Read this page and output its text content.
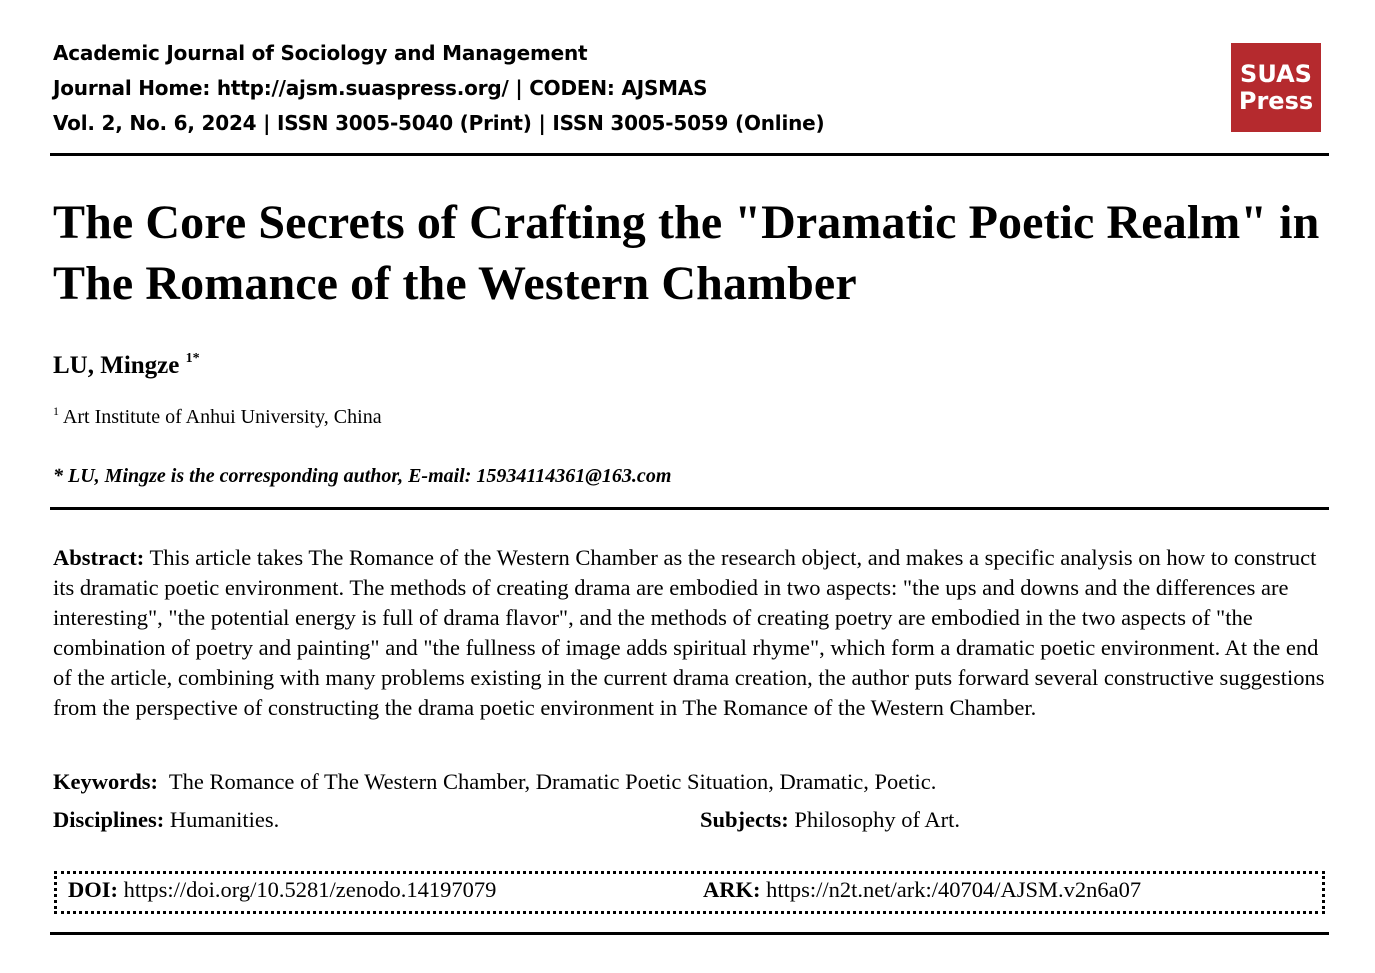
Academic Journal of Sociology and Management
Journal Home: http://ajsm.suaspress.org/ | CODEN: AJSMAS
Vol. 2, No. 6, 2024 | ISSN 3005-5040 (Print) | ISSN 3005-5059 (Online)
SUAS
Press
The Core Secrets of Crafting the "Dramatic Poetic Realm" in The Romance of the Western Chamber
LU, Mingze $^{1*}$
$^1$ Art Institute of Anhui University, China
* LU, Mingze is the corresponding author, E-mail: 15934114361@163.com

Abstract: This article takes The Romance of the Western Chamber as the research object, and makes a specific analysis on how to construct its dramatic poetic environment. The methods of creating drama are embodied in two aspects: "the ups and downs and the differences are interesting", "the potential energy is full of drama flavor", and the methods of creating poetry are embodied in the two aspects of "the combination of poetry and painting" and "the fullness of image adds spiritual rhyme", which form a dramatic poetic environment. At the end of the article, combining with many problems existing in the current drama creation, the author puts forward several constructive suggestions from the perspective of constructing the drama poetic environment in The Romance of the Western Chamber.

Keywords: The Romance of The Western Chamber, Dramatic Poetic Situation, Dramatic, Poetic.
Disciplines: Humanities.	Subjects: Philosophy of Art.
DOI: https://doi.org/10.5281/zenodo.14197079	ARK: https://n2t.net/ark:/40704/AJSM.v2n6a07
